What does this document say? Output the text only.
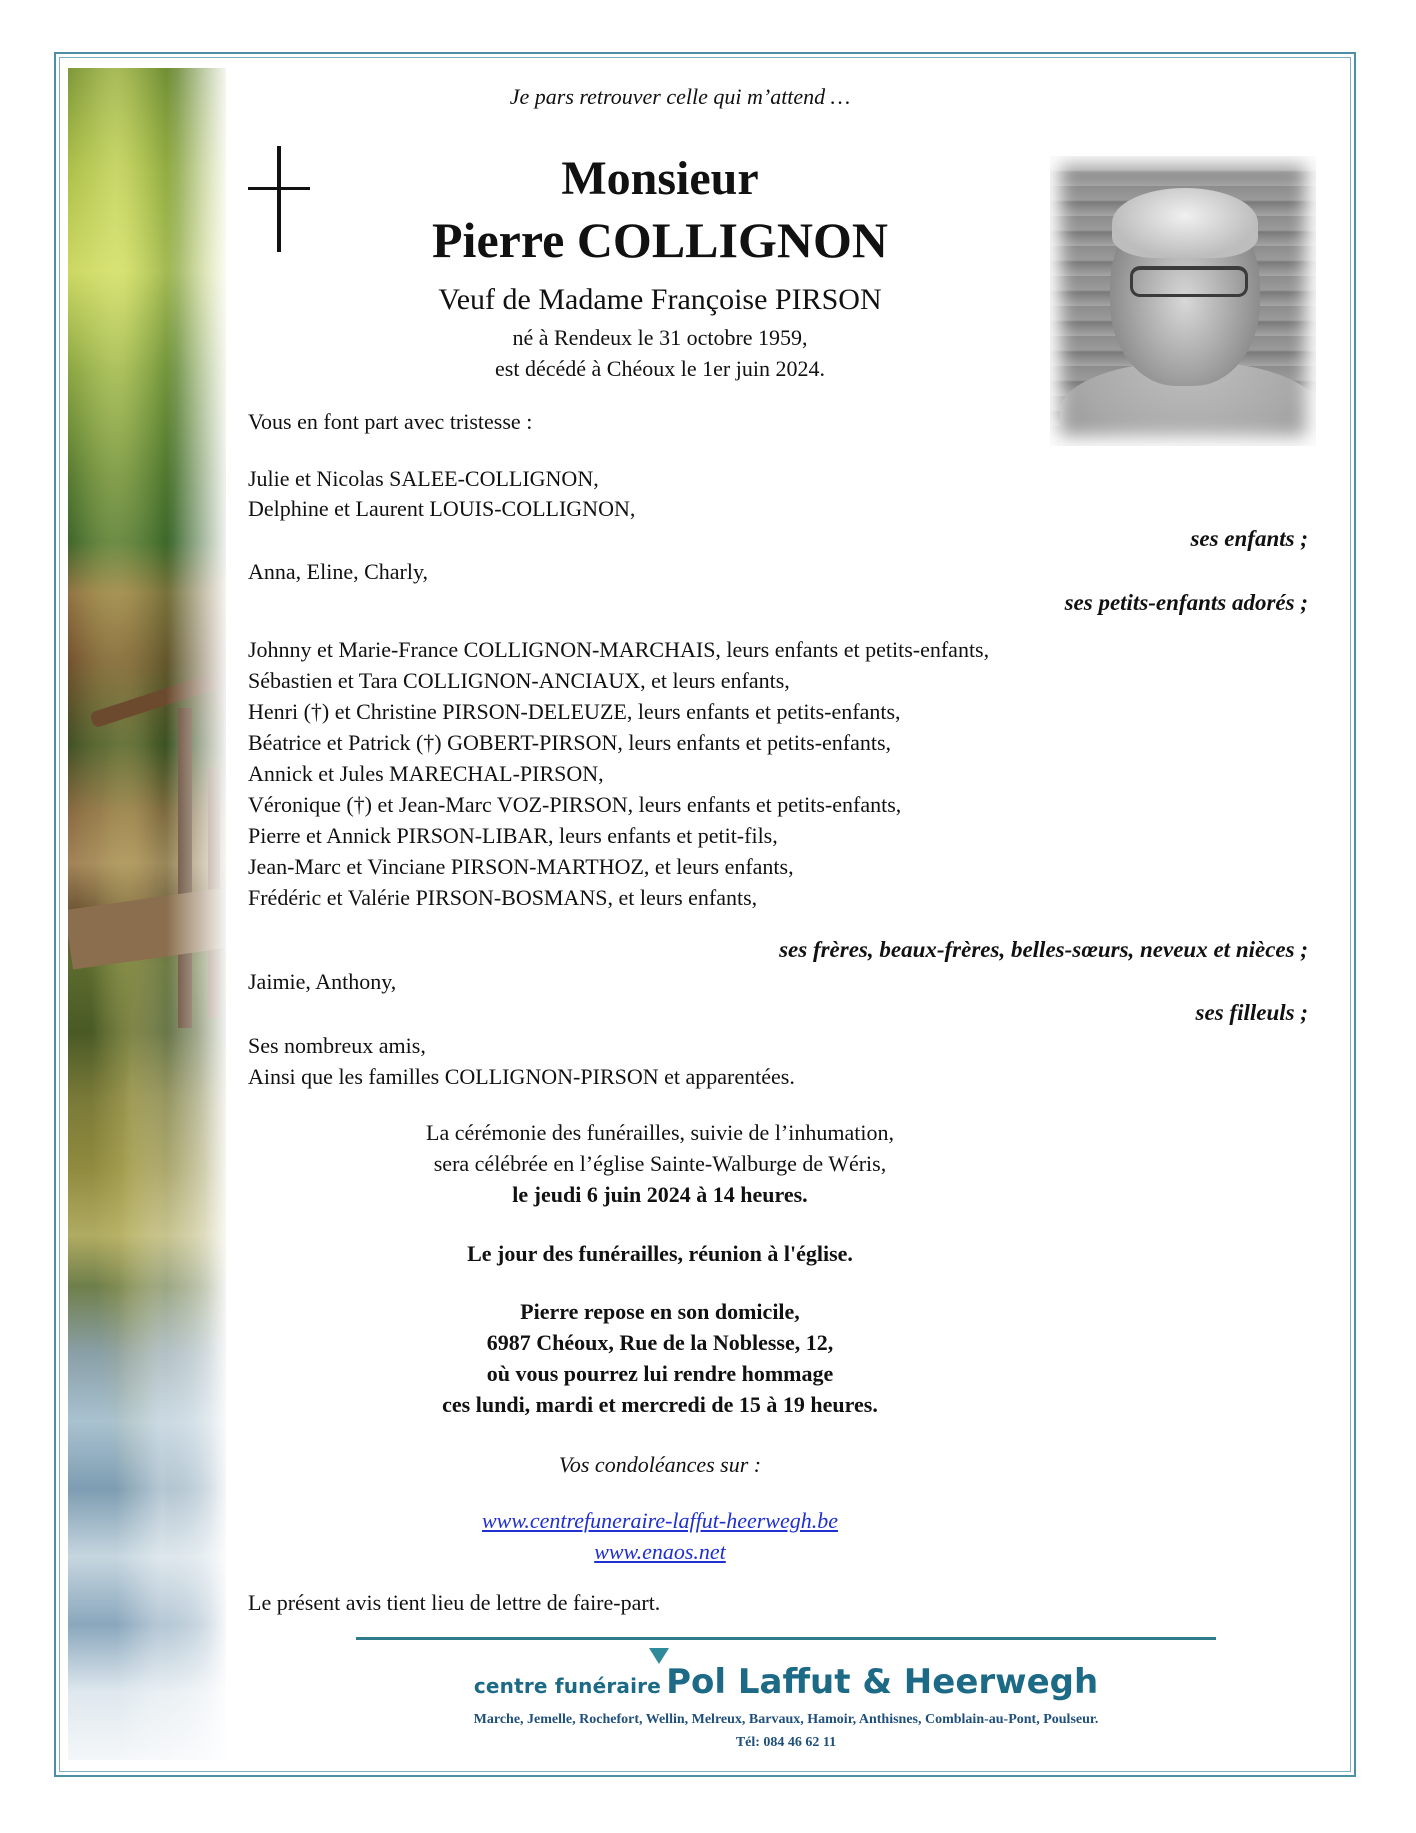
Je pars retrouver celle qui m’attend …
Monsieur
Pierre COLLIGNON
Veuf de Madame Françoise PIRSON
né à Rendeux le 31 octobre 1959,
est décédé à Chéoux le 1er juin 2024.
Vous en font part avec tristesse :
Julie et Nicolas SALEE-COLLIGNON,
Delphine et Laurent LOUIS-COLLIGNON,
ses enfants ;
Anna, Eline, Charly,
ses petits-enfants adorés ;
Johnny et Marie-France COLLIGNON-MARCHAIS, leurs enfants et petits-enfants,
Sébastien et Tara COLLIGNON-ANCIAUX, et leurs enfants,
Henri (†) et Christine PIRSON-DELEUZE, leurs enfants et petits-enfants,
Béatrice et Patrick (†) GOBERT-PIRSON, leurs enfants et petits-enfants,
Annick et Jules MARECHAL-PIRSON,
Véronique (†) et Jean-Marc VOZ-PIRSON, leurs enfants et petits-enfants,
Pierre et Annick PIRSON-LIBAR, leurs enfants et petit-fils,
Jean-Marc et Vinciane PIRSON-MARTHOZ, et leurs enfants,
Frédéric et Valérie PIRSON-BOSMANS, et leurs enfants,
ses frères, beaux-frères, belles-sœurs, neveux et nièces ;
Jaimie, Anthony,
ses filleuls ;
Ses nombreux amis,
Ainsi que les familles COLLIGNON-PIRSON et apparentées.
La cérémonie des funérailles, suivie de l’inhumation,
sera célébrée en l’église Sainte-Walburge de Wéris,
le jeudi 6 juin 2024 à 14 heures.
Le jour des funérailles, réunion à l'église.
Pierre repose en son domicile,
6987 Chéoux, Rue de la Noblesse, 12,
où vous pourrez lui rendre hommage
ces lundi, mardi et mercredi de 15 à 19 heures.
Vos condoléances sur :
www.centrefuneraire-laffut-heerwegh.be
www.enaos.net
Le présent avis tient lieu de lettre de faire-part.
centre funéraire Pol Laffut & Heerwegh
Marche, Jemelle, Rochefort, Wellin, Melreux, Barvaux, Hamoir, Anthisnes, Comblain-au-Pont, Poulseur.
Tél: 084 46 62 11
